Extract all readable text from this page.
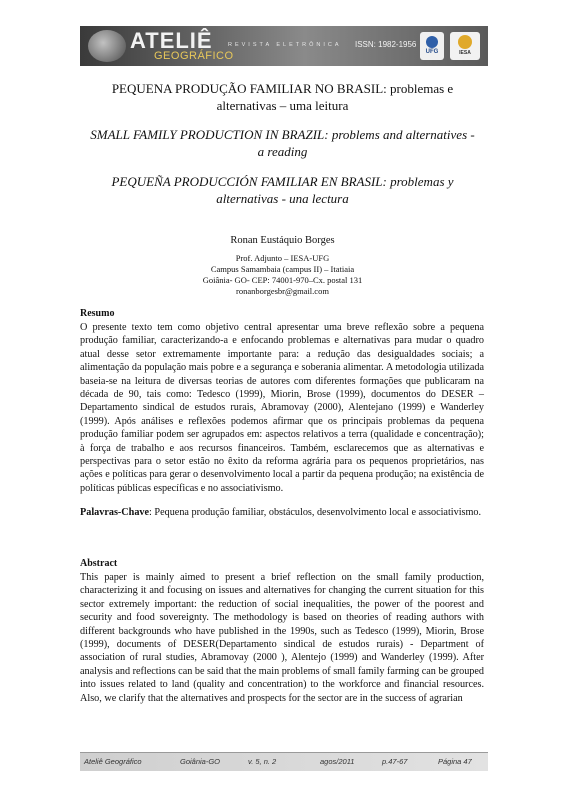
ATELIÊ
GEOGRÁFICO
REVISTA ELETRÔNICA ISSN: 1982-1956
UFG	IESA
PEQUENA PRODUÇÃO FAMILIAR NO BRASIL: problemas e alternativas – uma leitura
SMALL FAMILY PRODUCTION IN BRAZIL: problems and alternatives - a reading
PEQUEÑA PRODUCCIÓN FAMILIAR EN BRASIL: problemas y alternativas - una lectura
Ronan Eustáquio Borges
Prof. Adjunto – IESA-UFG
Campus Samambaia (campus II) – Itatiaia
Goiânia- GO- CEP: 74001-970–Cx. postal 131
ronanborgesbr@gmail.com
Resumo

O presente texto tem como objetivo central apresentar uma breve reflexão sobre a pequena produção familiar, caracterizando-a e enfocando problemas e alternativas para mudar o quadro atual desse setor extremamente importante para: a redução das desigualdades sociais; a alimentação da população mais pobre e a segurança e soberania alimentar. A metodologia utilizada baseia-se na leitura de diversas teorias de autores com diferentes formações que publicaram na década de 90, tais como: Tedesco (1999), Miorin, Brose (1999), documentos do DESER – Departamento sindical de estudos rurais, Abramovay (2000), Alentejano (1999) e Wanderley (1999). Após análises e reflexões podemos afirmar que os principais problemas da pequena produção familiar podem ser agrupados em: aspectos relativos a terra (qualidade e concentração); à força de trabalho e aos recursos financeiros. Também, esclarecemos que as alternativas e perspectivas para o setor estão no êxito da reforma agrária para os pequenos proprietários, nas ações e políticas para gerar o desenvolvimento local a partir da pequena produção; na existência de políticas públicas específicas e no associativismo.

Palavras-Chave: Pequena produção familiar, obstáculos, desenvolvimento local e associativismo.

Abstract

This paper is mainly aimed to present a brief reflection on the small family production, characterizing it and focusing on issues and alternatives for changing the current situation for this sector extremely important: the reduction of social inequalities, the power of the poorest and security and food sovereignty. The methodology is based on theories of reading authors with different backgrounds who have published in the 1990s, such as Tedesco (1999), Miorin, Brose (1999), documents of DESER(Departamento sindical de estudos rurais) - Department of association of rural studies, Abramovay (2000 ), Alentejo (1999) and Wanderley (1999). After analysis and reflections can be said that the main problems of small family farming can be grouped into issues related to land (quality and concentration) to the workforce and financial resources. Also, we clarify that the alternatives and prospects for the sector are in the success of agrarian

Ateliê Geográfico	Goiânia-GO	v. 5, n. 2	agos/2011	p.47-67	Página 47
